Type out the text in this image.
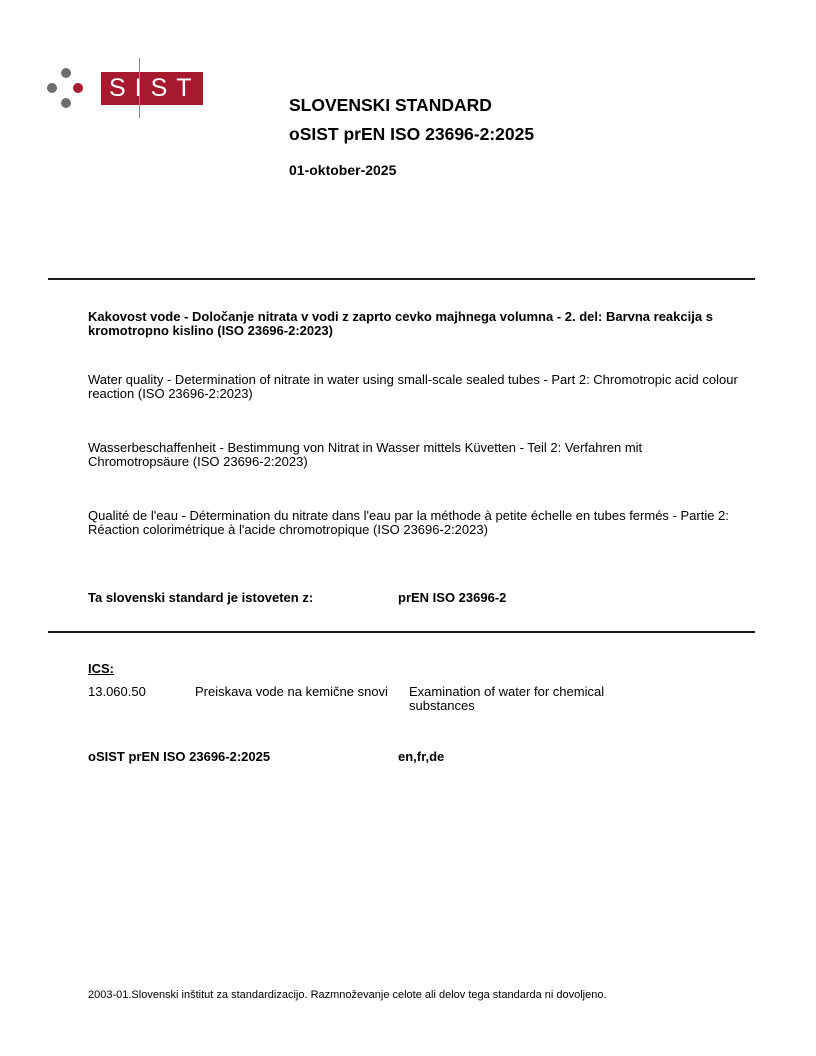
SIST
SLOVENSKI STANDARD
oSIST prEN ISO 23696-2:2025
01-oktober-2025
Kakovost vode - Določanje nitrata v vodi z zaprto cevko majhnega volumna - 2. del: Barvna reakcija s kromotropno kislino (ISO 23696-2:2023)
Water quality - Determination of nitrate in water using small-scale sealed tubes - Part 2: Chromotropic acid colour reaction (ISO 23696-2:2023)
Wasserbeschaffenheit - Bestimmung von Nitrat in Wasser mittels Küvetten - Teil 2: Verfahren mit Chromotropsäure (ISO 23696-2:2023)
Qualité de l'eau - Détermination du nitrate dans l'eau par la méthode à petite échelle en tubes fermés - Partie 2: Réaction colorimétrique à l'acide chromotropique (ISO 23696-2:2023)
Ta slovenski standard je istoveten z:	prEN ISO 23696-2
ICS:
13.060.50	Preiskava vode na kemične snovi	Examination of water for chemical substances
oSIST prEN ISO 23696-2:2025	en,fr,de
2003-01.Slovenski inštitut za standardizacijo. Razmnoževanje celote ali delov tega standarda ni dovoljeno.
